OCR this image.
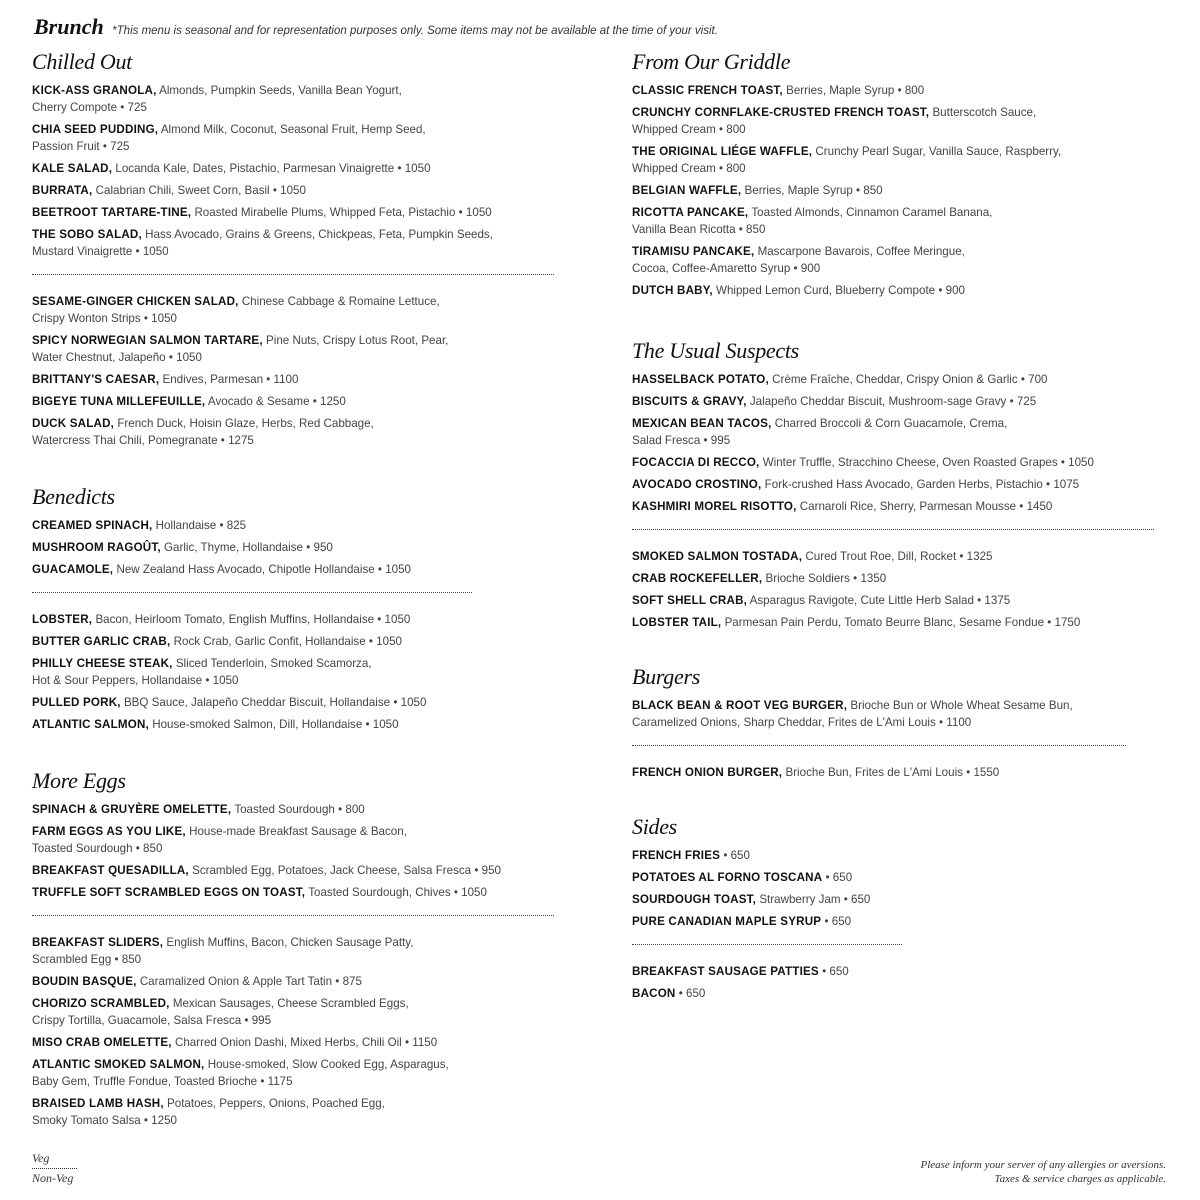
Brunch *This menu is seasonal and for representation purposes only. Some items may not be available at the time of your visit.
Chilled Out
KICK-ASS GRANOLA, Almonds, Pumpkin Seeds, Vanilla Bean Yogurt,
Cherry Compote • 725
CHIA SEED PUDDING, Almond Milk, Coconut, Seasonal Fruit, Hemp Seed,
Passion Fruit • 725
KALE SALAD, Locanda Kale, Dates, Pistachio, Parmesan Vinaigrette • 1050
BURRATA, Calabrian Chili, Sweet Corn, Basil • 1050
BEETROOT TARTARE-TINE, Roasted Mirabelle Plums, Whipped Feta, Pistachio • 1050
THE SOBO SALAD, Hass Avocado, Grains & Greens, Chickpeas, Feta, Pumpkin Seeds,
Mustard Vinaigrette • 1050
SESAME-GINGER CHICKEN SALAD, Chinese Cabbage & Romaine Lettuce,
Crispy Wonton Strips • 1050
SPICY NORWEGIAN SALMON TARTARE, Pine Nuts, Crispy Lotus Root, Pear,
Water Chestnut, Jalapeño • 1050
BRITTANY'S CAESAR, Endives, Parmesan • 1100
BIGEYE TUNA MILLEFEUILLE, Avocado & Sesame • 1250
DUCK SALAD, French Duck, Hoisin Glaze, Herbs, Red Cabbage,
Watercress Thai Chili, Pomegranate • 1275
Benedicts
CREAMED SPINACH, Hollandaise • 825
MUSHROOM RAGOÛT, Garlic, Thyme, Hollandaise • 950
GUACAMOLE, New Zealand Hass Avocado, Chipotle Hollandaise • 1050
LOBSTER, Bacon, Heirloom Tomato, English Muffins, Hollandaise • 1050
BUTTER GARLIC CRAB, Rock Crab, Garlic Confit, Hollandaise • 1050
PHILLY CHEESE STEAK, Sliced Tenderloin, Smoked Scamorza,
Hot & Sour Peppers, Hollandaise • 1050
PULLED PORK, BBQ Sauce, Jalapeño Cheddar Biscuit, Hollandaise • 1050
ATLANTIC SALMON, House-smoked Salmon, Dill, Hollandaise • 1050
More Eggs
SPINACH & GRUYÈRE OMELETTE, Toasted Sourdough • 800
FARM EGGS AS YOU LIKE, House-made Breakfast Sausage & Bacon,
Toasted Sourdough • 850
BREAKFAST QUESADILLA, Scrambled Egg, Potatoes, Jack Cheese, Salsa Fresca • 950
TRUFFLE SOFT SCRAMBLED EGGS ON TOAST, Toasted Sourdough, Chives • 1050
BREAKFAST SLIDERS, English Muffins, Bacon, Chicken Sausage Patty,
Scrambled Egg • 850
BOUDIN BASQUE, Caramalized Onion & Apple Tart Tatin • 875
CHORIZO SCRAMBLED, Mexican Sausages, Cheese Scrambled Eggs,
Crispy Tortilla, Guacamole, Salsa Fresca • 995
MISO CRAB OMELETTE, Charred Onion Dashi, Mixed Herbs, Chili Oil • 1150
ATLANTIC SMOKED SALMON, House-smoked, Slow Cooked Egg, Asparagus,
Baby Gem, Truffle Fondue, Toasted Brioche • 1175
BRAISED LAMB HASH, Potatoes, Peppers, Onions, Poached Egg,
Smoky Tomato Salsa • 1250
From Our Griddle
CLASSIC FRENCH TOAST, Berries, Maple Syrup • 800
CRUNCHY CORNFLAKE-CRUSTED FRENCH TOAST, Butterscotch Sauce,
Whipped Cream • 800
THE ORIGINAL LIÉGE WAFFLE, Crunchy Pearl Sugar, Vanilla Sauce, Raspberry,
Whipped Cream • 800
BELGIAN WAFFLE, Berries, Maple Syrup • 850
RICOTTA PANCAKE, Toasted Almonds, Cinnamon Caramel Banana,
Vanilla Bean Ricotta • 850
TIRAMISU PANCAKE, Mascarpone Bavarois, Coffee Meringue,
Cocoa, Coffee-Amaretto Syrup • 900
DUTCH BABY, Whipped Lemon Curd, Blueberry Compote • 900
The Usual Suspects
HASSELBACK POTATO, Crème Fraîche, Cheddar, Crispy Onion & Garlic • 700
BISCUITS & GRAVY, Jalapeño Cheddar Biscuit, Mushroom-sage Gravy • 725
MEXICAN BEAN TACOS, Charred Broccoli & Corn Guacamole, Crema,
Salad Fresca • 995
FOCACCIA DI RECCO, Winter Truffle, Stracchino Cheese, Oven Roasted Grapes • 1050
AVOCADO CROSTINO, Fork-crushed Hass Avocado, Garden Herbs, Pistachio • 1075
KASHMIRI MOREL RISOTTO, Carnaroli Rice, Sherry, Parmesan Mousse • 1450
SMOKED SALMON TOSTADA, Cured Trout Roe, Dill, Rocket • 1325
CRAB ROCKEFELLER, Brioche Soldiers • 1350
SOFT SHELL CRAB, Asparagus Ravigote, Cute Little Herb Salad • 1375
LOBSTER TAIL, Parmesan Pain Perdu, Tomato Beurre Blanc, Sesame Fondue • 1750
Burgers
BLACK BEAN & ROOT VEG BURGER, Brioche Bun or Whole Wheat Sesame Bun,
Caramelized Onions, Sharp Cheddar, Frites de L'Ami Louis • 1100
FRENCH ONION BURGER, Brioche Bun, Frites de L'Ami Louis • 1550
Sides
FRENCH FRIES • 650
POTATOES AL FORNO TOSCANA • 650
SOURDOUGH TOAST, Strawberry Jam • 650
PURE CANADIAN MAPLE SYRUP • 650
BREAKFAST SAUSAGE PATTIES • 650
BACON • 650
Veg
Non-Veg
Please inform your server of any allergies or aversions.
Taxes & service charges as applicable.
